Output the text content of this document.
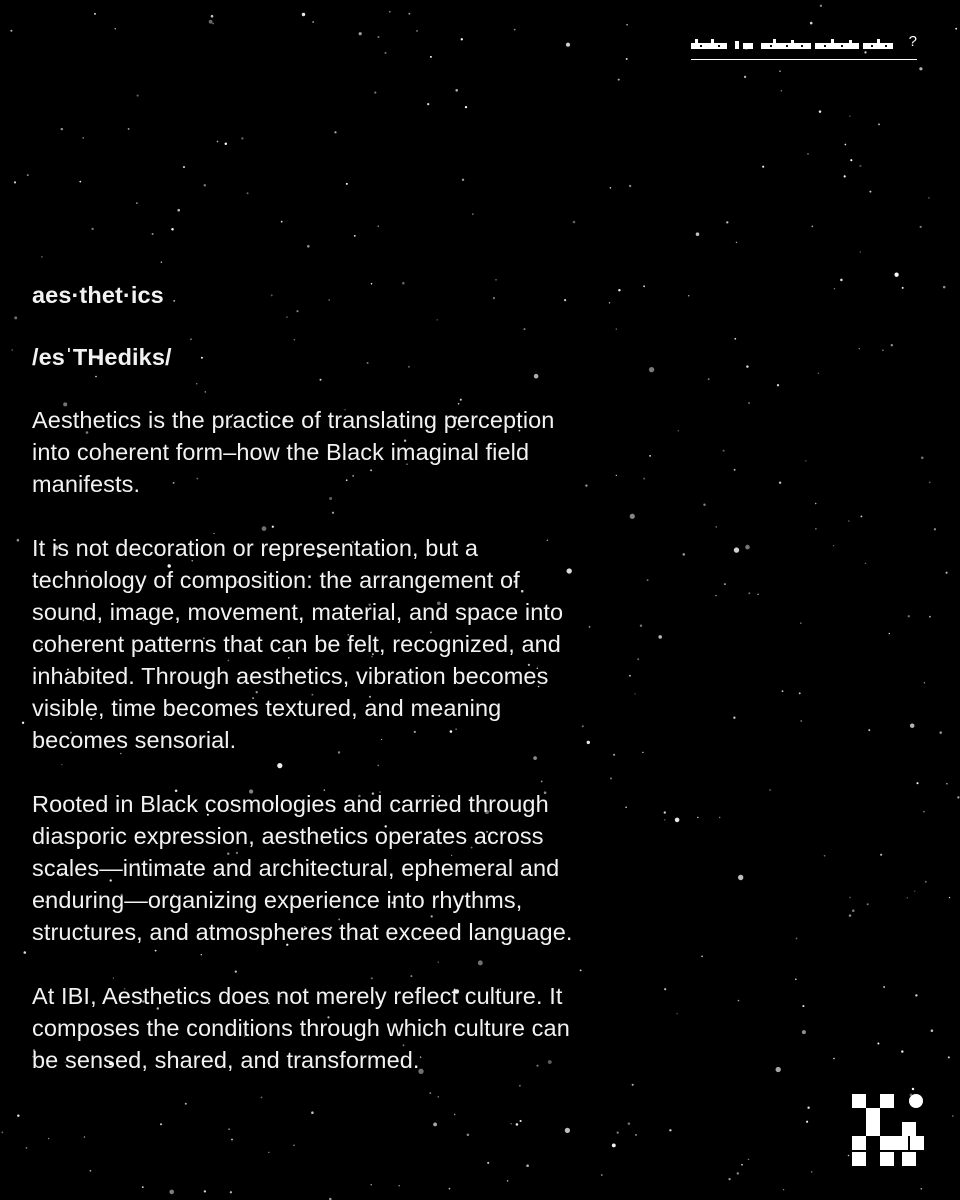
?
aes·thet·ics
/esˈTHediks/

Aesthetics is the practice of translating perception into coherent form–how the Black imaginal field manifests.

It is not decoration or representation, but a technology of composition: the arrangement of sound, image, movement, material, and space into coherent patterns that can be felt, recognized, and inhabited. Through aesthetics, vibration becomes visible, time becomes textured, and meaning becomes sensorial.

Rooted in Black cosmologies and carried through diasporic expression, aesthetics operates across scales—intimate and architectural, ephemeral and enduring—organizing experience into rhythms, structures, and atmospheres that exceed language.

At IBI, Aesthetics does not merely reflect culture. It composes the conditions through which culture can be sensed, shared, and transformed.
